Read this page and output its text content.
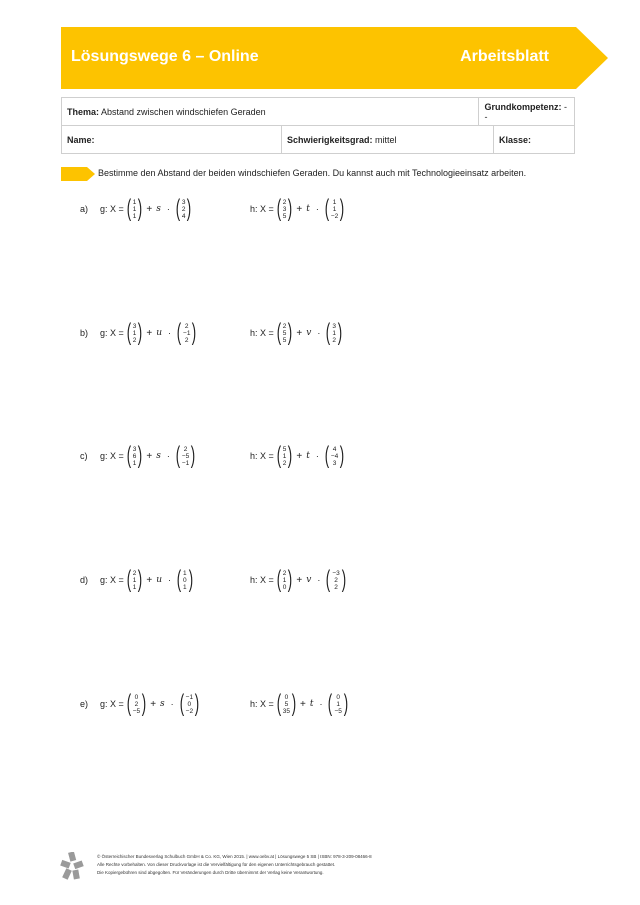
Lösungswege 6 – Online	Arbeitsblatt
Thema: Abstand zwischen windschiefen Geraden		Grundkompetenz: --	
Name:	Schwierigkeitsgrad: mittel		Klasse:
Bestimme den Abstand der beiden windschiefen Geraden. Du kannst auch mit Technologieeinsatz arbeiten.
a)	g: X = ( 1
1
1 ) + s · ( 3
2
4 )	h: X = ( 2
3
5 ) + t · ( 1
1
−2 )
b)	g: X = ( 3
1
2 ) + u · ( 2
−1
2 )	h: X = ( 2
5
5 ) + v · ( 3
1
2 )
c)	g: X = ( 3
6
1 ) + s · ( 2
−5
−1 )	h: X = ( 5
1
2 ) + t · ( 4
−4
3 )
d)	g: X = ( 2
1
1 ) + u · ( 1
0
1 )	h: X = ( 2
1
0 ) + v · ( −3
2
2 )
e)	g: X = ( 0
2
−5 ) + s · ( −1
0
−2 )	h: X = ( 0
5
35 ) + t · ( 0
1
−5 )
© Österreichischer Bundesverlag Schulbuch GmbH & Co. KG, Wien 2015. | www.oebv.at | Lösungswege 5 SB | ISBN: 978-3-209-08466-8
Alle Rechte vorbehalten. Von dieser Druckvorlage ist die Vervielfältigung für den eigenen Unterrichtsgebrauch gestattet.
Die Kopiergebühren sind abgegolten. Für Veränderungen durch Dritte übernimmt der Verlag keine Verantwortung.
